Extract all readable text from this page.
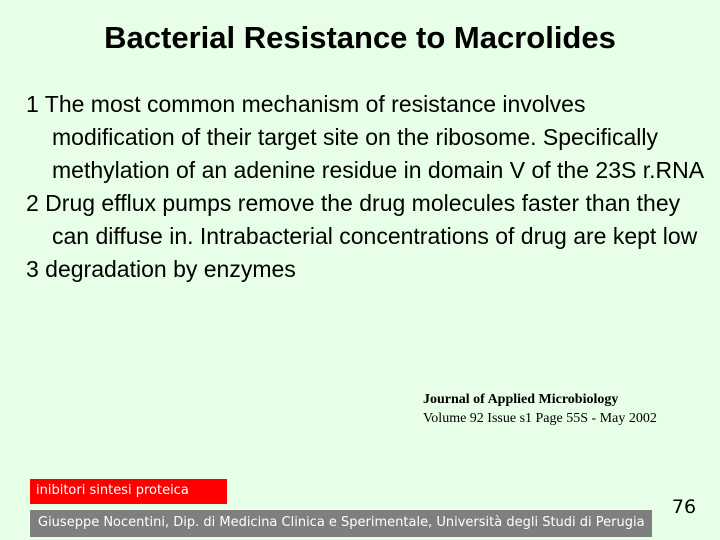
Bacterial Resistance to Macrolides
1 The most common mechanism of resistance involves modification of their target site on the ribosome. Specifically methylation of an adenine residue in domain V of the 23S r.RNA
2 Drug efflux pumps remove the drug molecules faster than they can diffuse in. Intrabacterial concentrations of drug are kept low
3 degradation by enzymes
Journal of Applied Microbiology
Volume 92 Issue s1 Page 55S - May 2002
inibitori sintesi proteica
Giuseppe Nocentini, Dip. di Medicina Clinica e Sperimentale, Università degli Studi di Perugia
76
